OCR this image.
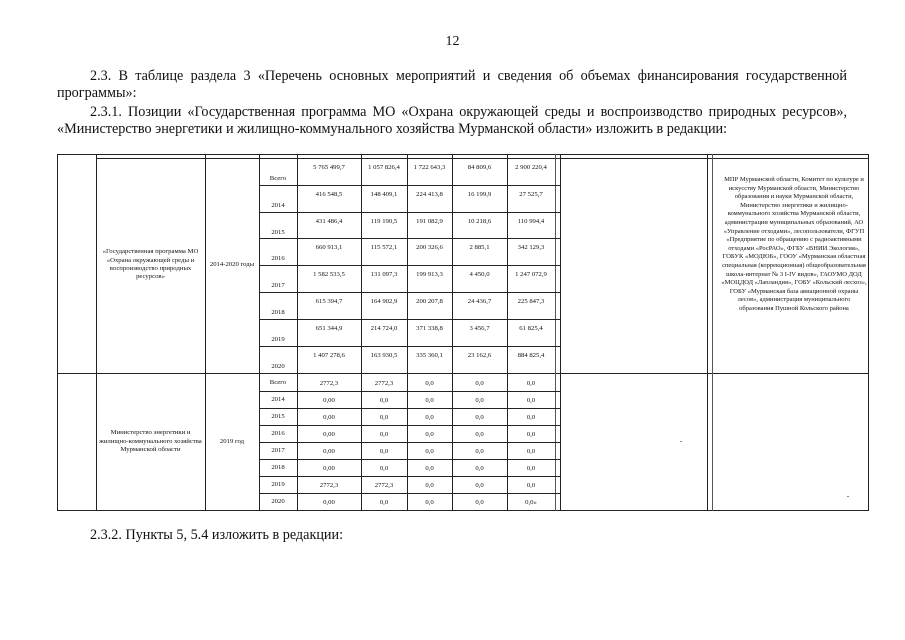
12
2.3. В таблице раздела 3 «Перечень основных мероприятий и сведения об объемах финансирования государственной программы»:
2.3.1. Позиции «Государственная программа МО «Охрана окружающей среды и воспроизводство природных ресурсов», «Министерство энергетики и жилищно-коммунального хозяйства Мурманской области» изложить в редакции:
«Государственная программа МО «Охрана окружающей среды и воспроизводство природных ресурсов»
2014-2020 годы
МПР Мурманской области, Комитет по культуре и искусству Мурманской области, Министерство образования и науки Мурманской области, Министерство энергетики и жилищно-коммунального хозяйства Мурманской области, администрации муниципальных образований, АО «Управление отходами», лесопользователи, ФГУП «Предприятие по обращению с радиоактивными отходами «РосРАО», ФГБУ «ВНИИ Экология», ГОБУК «МОДЮБ», ГООУ «Мурманская областная специальная (коррекционная) общеобразовательная школа-интернат № 3 I-IV видов», ГАОУМО ДОД «МОЦДОД «Лапландия», ГОБУ «Кольский лесхоз», ГОБУ «Мурманская база авиационной охраны лесов», администрация муниципального образования Пушной Кольского района
Министерство энергетики и жилищно-коммунального хозяйства Мурманской области
2019 год
Всего
5 765 499,7	1 057 826,4	1 722 643,3	84 809,6	2 900 220,4
2014
416 548,5	148 409,1	224 413,8	16 199,9	27 525,7
2015
431 486,4	119 190,5	191 082,9	10 218,6	110 994,4
2016
660 913,1	115 572,1	200 326,6	2 885,1	342 129,3
2017
1 582 533,5	131 097,3	199 913,3	4 450,0	1 247 072,9
2018
615 394,7	164 902,9	200 207,8	24 436,7	225 847,3
2019
651 344,9	214 724,0	371 338,8	3 456,7	61 825,4
2020
1 407 278,6	163 930,5	335 360,1	23 162,6	884 825,4
Всего	2772,3	2772,3	0,0	0,0	0,0
2014	0,00	0,0	0,0	0,0	0,0
2015	0,00	0,0	0,0	0,0	0,0
2016	0,00	0,0	0,0	0,0	0,0
2017	0,00	0,0	0,0	0,0	0,0
2018	0,00	0,0	0,0	0,0	0,0
2019	2772,3	2772,3	0,0	0,0	0,0
2020	0,00	0,0	0,0	0,0	0,0»
2.3.2. Пункты 5, 5.4 изложить в редакции:
